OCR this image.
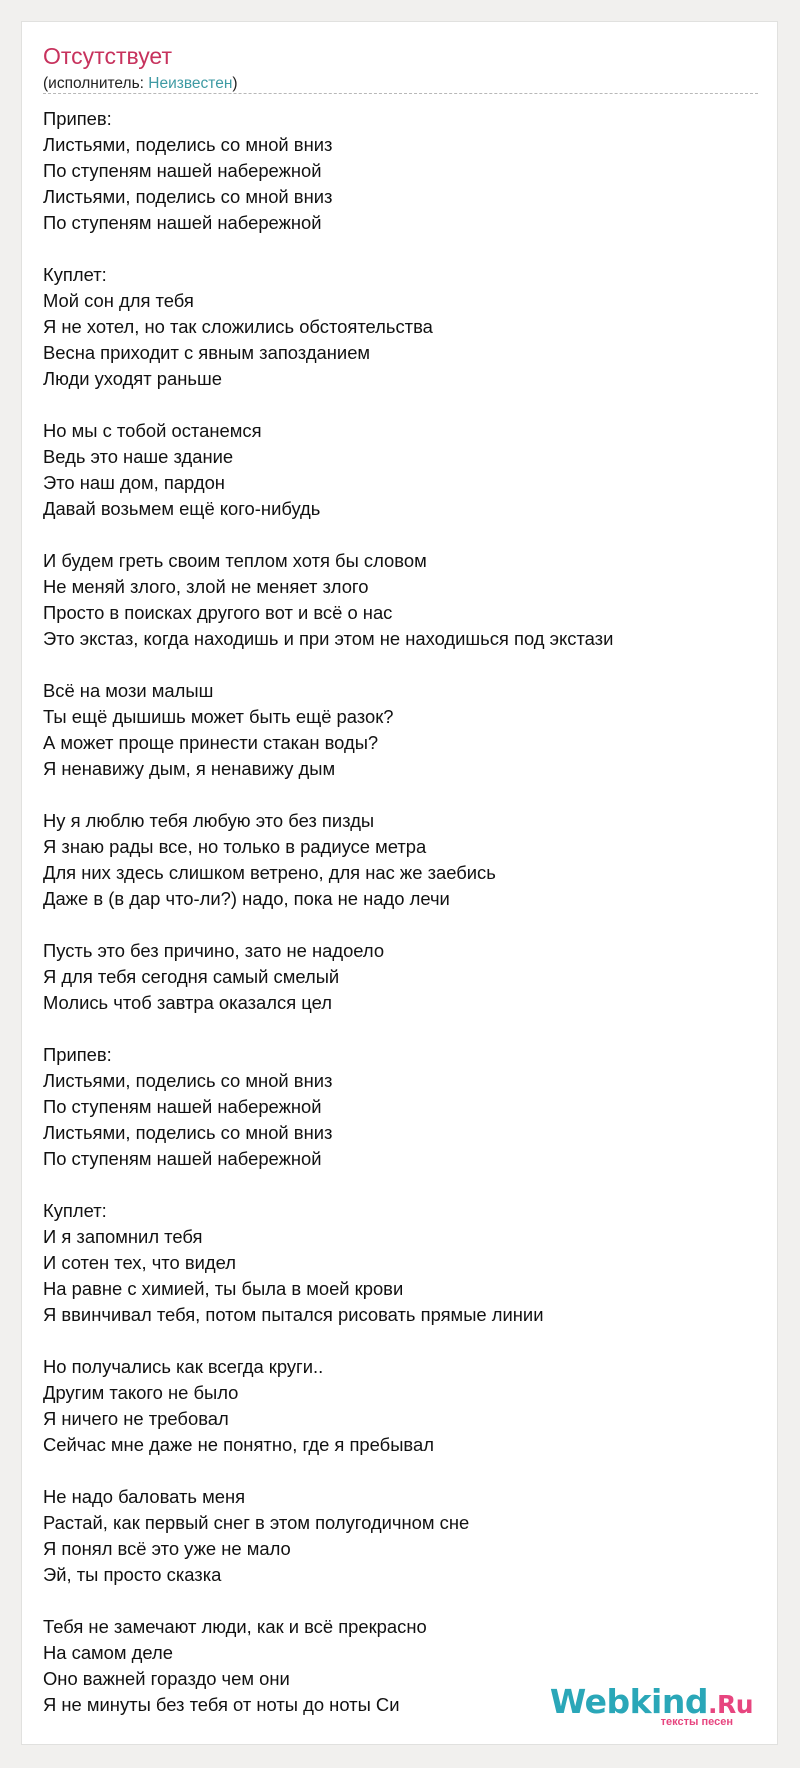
Отсутствует
(исполнитель: Неизвестен)
Припев:
Листьями, поделись со мной вниз
По ступеням нашей набережной
Листьями, поделись со мной вниз
По ступеням нашей набережной

Куплет:
Мой сон для тебя
Я не хотел, но так сложились обстоятельства
Весна приходит с явным запозданием
Люди уходят раньше

Но мы с тобой останемся
Ведь это наше здание
Это наш дом, пардон
Давай возьмем ещё кого-нибудь

И будем греть своим теплом хотя бы словом
Не меняй злого, злой не меняет злого
Просто в поисках другого вот и всё о нас
Это экстаз, когда находишь и при этом не находишься под экстази

Всё на мози малыш
Ты ещё дышишь может быть ещё разок?
А может проще принести стакан воды?
Я ненавижу дым, я ненавижу дым

Ну я люблю тебя любую это без пизды
Я знаю рады все, но только в радиусе метра
Для них здесь слишком ветрено, для нас же заебись
Даже в (в дар что-ли?) надо, пока не надо лечи

Пусть это без причино, зато не надоело
Я для тебя сегодня самый смелый
Молись чтоб завтра оказался цел

Припев:
Листьями, поделись со мной вниз
По ступеням нашей набережной
Листьями, поделись со мной вниз
По ступеням нашей набережной

Куплет:
И я запомнил тебя
И сотен тех, что видел
На равне с химией, ты была в моей крови
Я ввинчивал тебя, потом пытался рисовать прямые линии

Но получались как всегда круги..
Другим такого не было
Я ничего не требовал
Сейчас мне даже не понятно, где я пребывал

Не надо баловать меня
Растай, как первый снег в этом полугодичном сне
Я понял всё это уже не мало
Эй, ты просто сказка

Тебя не замечают люди, как и всё прекрасно
На самом деле
Оно важней гораздо чем они
Я не минуты без тебя от ноты до ноты Си	Webkind.Ru
тексты песен
